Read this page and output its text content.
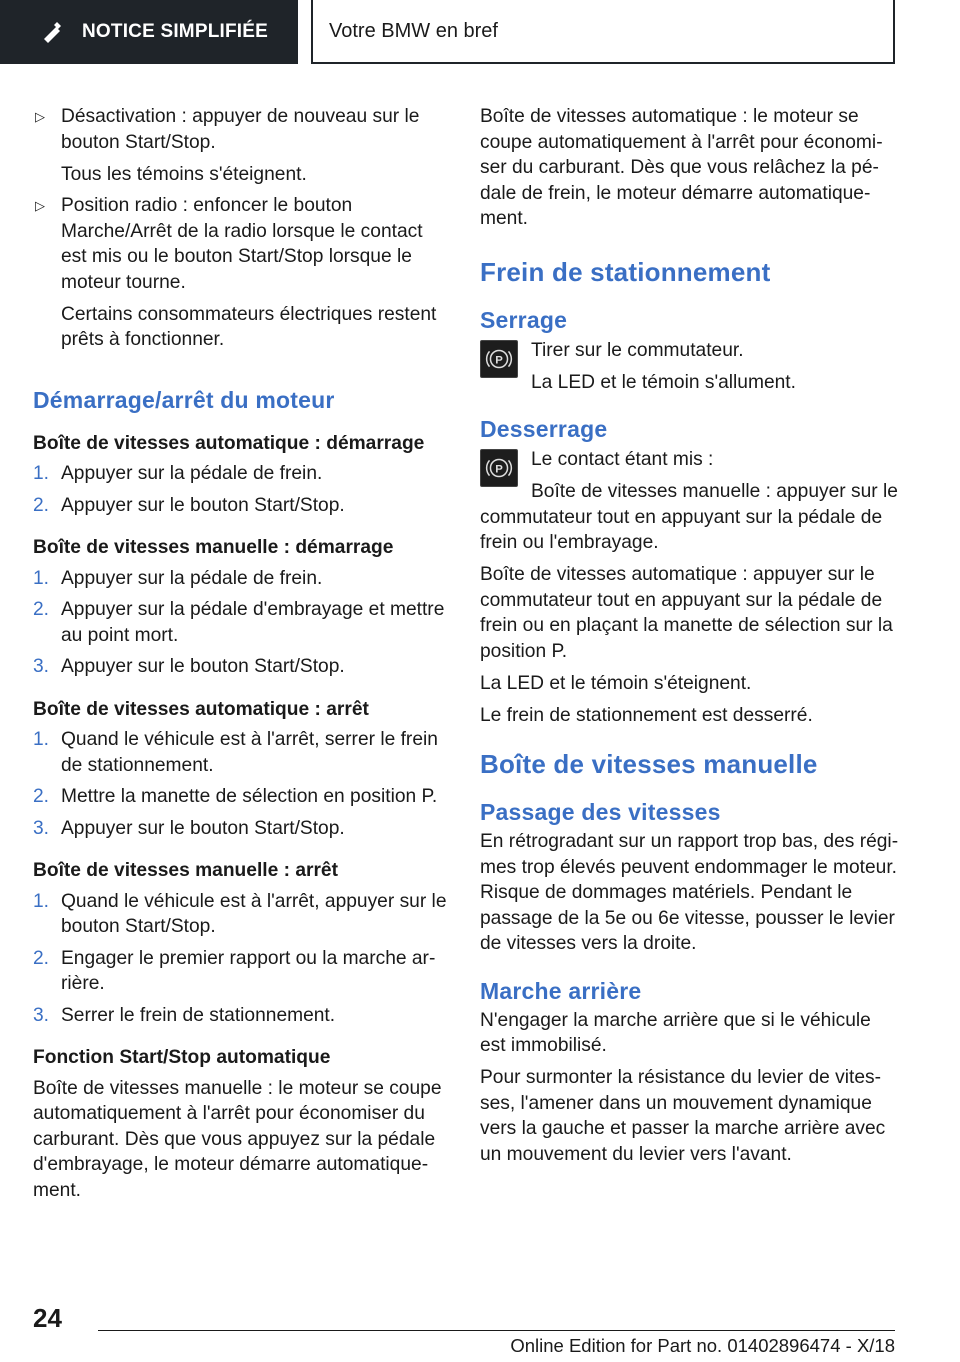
NOTICE SIMPLIFIÉE	Votre BMW en bref
▷ Désactivation : appuyer de nouveau sur le bouton Start/Stop.

Tous les témoins s'éteignent.

▷ Position radio : enfoncer le bouton Marche/Arrêt de la radio lorsque le contact est mis ou le bouton Start/Stop lorsque le moteur tourne.

Certains consommateurs électriques restent prêts à fonctionner.

Démarrage/arrêt du moteur

Boîte de vitesses automatique : démarrage

1. Appuyer sur la pédale de frein.

2. Appuyer sur le bouton Start/Stop.

Boîte de vitesses manuelle : démarrage

1. Appuyer sur la pédale de frein.

2. Appuyer sur la pédale d'embrayage et mettre au point mort.

3. Appuyer sur le bouton Start/Stop.

Boîte de vitesses automatique : arrêt

1. Quand le véhicule est à l'arrêt, serrer le frein de stationnement.

2. Mettre la manette de sélection en position P.

3. Appuyer sur le bouton Start/Stop.

Boîte de vitesses manuelle : arrêt

1. Quand le véhicule est à l'arrêt, appuyer sur le bouton Start/Stop.

2. Engager le premier rapport ou la marche arrière.

3. Serrer le frein de stationnement.

Fonction Start/Stop automatique

Boîte de vitesses manuelle : le moteur se coupe automatiquement à l'arrêt pour économiser du carburant. Dès que vous appuyez sur la pédale d'embrayage, le moteur démarre automatiquement.

Boîte de vitesses automatique : le moteur se coupe automatiquement à l'arrêt pour économiser du carburant. Dès que vous relâchez la pédale de frein, le moteur démarre automatiquement.

Frein de stationnement
Serrage
P	Tirer sur le commutateur.

La LED et le témoin s'allument.

Desserrage
P	Le contact étant mis :

Boîte de vitesses manuelle : appuyer sur le commutateur tout en appuyant sur la pédale de frein ou l'embrayage.

Boîte de vitesses automatique : appuyer sur le commutateur tout en appuyant sur la pédale de frein ou en plaçant la manette de sélection sur la position P.

La LED et le témoin s'éteignent.

Le frein de stationnement est desserré.

Boîte de vitesses manuelle
Passage des vitesses

En rétrogradant sur un rapport trop bas, des régimes trop élevés peuvent endommager le moteur. Risque de dommages matériels. Pendant le passage de la 5e ou 6e vitesse, pousser le levier de vitesses vers la droite.

Marche arrière

N'engager la marche arrière que si le véhicule est immobilisé.

Pour surmonter la résistance du levier de vitesses, l'amener dans un mouvement dynamique vers la gauche et passer la marche arrière avec un mouvement du levier vers l'avant.

24
Online Edition for Part no. 01402896474 - X/18
